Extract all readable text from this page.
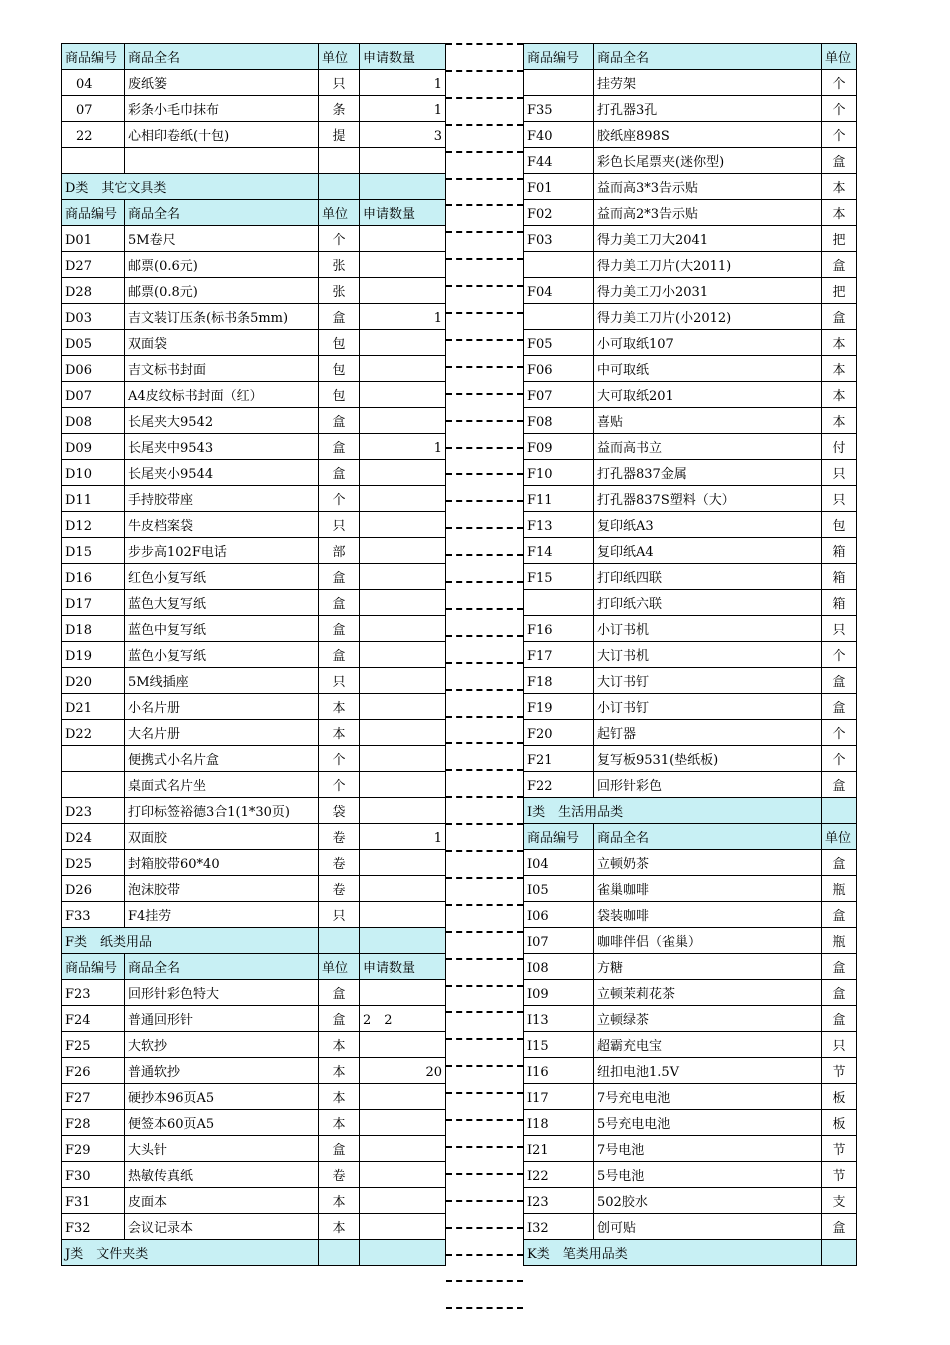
商品编号	商品全名	单位	申请数量
04	废纸篓	只	1
07	彩条小毛巾抹布	条	1
22	心相印卷纸(十包)	提	3

D类　其它文具类			
商品编号	商品全名	单位	申请数量
D01	5M卷尺	个	
D27	邮票(0.6元)	张	
D28	邮票(0.8元)	张	
D03	吉文装订压条(标书条5mm)	盒	1
D05	双面袋	包	
D06	吉文标书封面	包	
D07	A4皮纹标书封面（红）	包	
D08	长尾夹大9542	盒	
D09	长尾夹中9543	盒	1
D10	长尾夹小9544	盒	
D11	手持胶带座	个	
D12	牛皮档案袋	只	
D15	步步高102F电话	部	
D16	红色小复写纸	盒	
D17	蓝色大复写纸	盒	
D18	蓝色中复写纸	盒	
D19	蓝色小复写纸	盒	
D20	5M线插座	只	
D21	小名片册	本	
D22	大名片册	本	
	便携式小名片盒	个	
	桌面式名片坐	个	
D23	打印标签裕德3合1(1*30页)	袋	
D24	双面胶	卷	1
D25	封箱胶带60*40	卷	
D26	泡沫胶带	卷	
F33	F4挂劳	只	
F类　纸类用品			
商品编号	商品全名	单位	申请数量
F23	回形针彩色特大	盒	
F24	普通回形针	盒	2　2
F25	大软抄	本	
F26	普通软抄	本	20
F27	硬抄本96页A5	本	
F28	便签本60页A5	本	
F29	大头针	盒	
F30	热敏传真纸	卷	
F31	皮面本	本	
F32	会议记录本	本	
J类　文件夹类			
商品编号	商品全名	单位
	挂劳架	个
F35	打孔器3孔	个
F40	胶纸座898S	个
F44	彩色长尾票夹(迷你型)	盒
F01	益而高3*3告示贴	本
F02	益而高2*3告示贴	本
F03	得力美工刀大2041	把
	得力美工刀片(大2011)	盒
F04	得力美工刀小2031	把
	得力美工刀片(小2012)	盒
F05	小可取纸107	本
F06	中可取纸	本
F07	大可取纸201	本
F08	喜贴	本
F09	益而高书立	付
F10	打孔器837金属	只
F11	打孔器837S塑料（大）	只
F13	复印纸A3	包
F14	复印纸A4	箱
F15	打印纸四联	箱
	打印纸六联	箱
F16	小订书机	只
F17	大订书机	个
F18	大订书钉	盒
F19	小订书钉	盒
F20	起钉器	个
F21	复写板9531(垫纸板)	个
F22	回形针彩色	盒
I类　生活用品类		
商品编号	商品全名	单位
I04	立顿奶茶	盒
I05	雀巢咖啡	瓶
I06	袋装咖啡	盒
I07	咖啡伴侣（雀巢）	瓶
I08	方糖	盒
I09	立顿茉莉花茶	盒
I13	立顿绿茶	盒
I15	超霸充电宝	只
I16	纽扣电池1.5V	节
I17	7号充电电池	板
I18	5号充电电池	板
I21	7号电池	节
I22	5号电池	节
I23	502胶水	支
I32	创可贴	盒
K类　笔类用品类		
